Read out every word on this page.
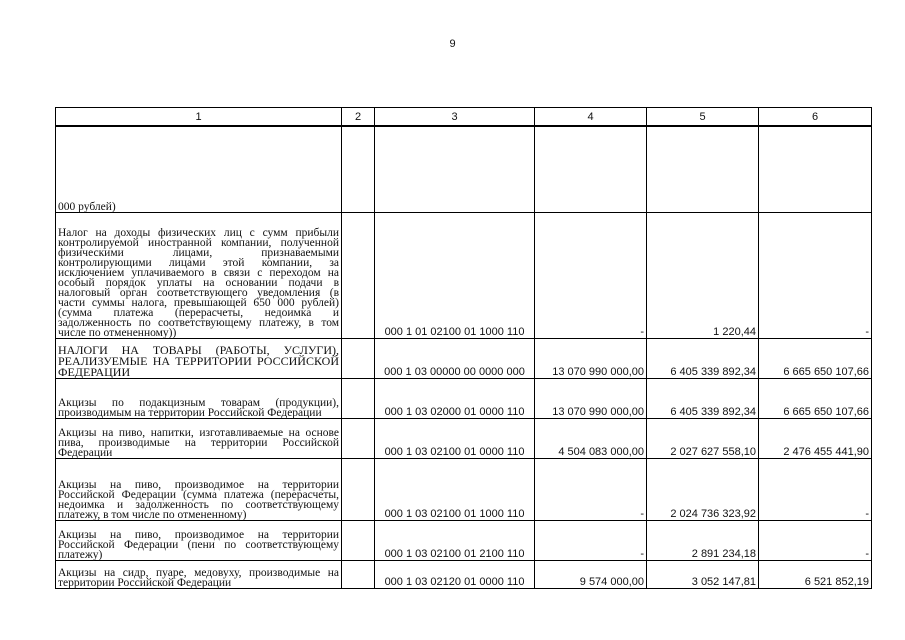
9
1	2	3	4	5	6
000 рублей)					
Налог на доходы физических лиц с сумм прибыли контролируемой иностранной компании, полученной физическими лицами, признаваемыми контролирующими лицами этой компании, за исключением уплачиваемого в связи с переходом на особый порядок уплаты на основании подачи в налоговый орган соответствующего уведомления (в части суммы налога, превышающей 650 000 рублей) (сумма платежа (перерасчеты, недоимка и задолженность по соответствующему платежу, в том числе по отмененному))		000 1 01 02100 01 1000 110	-	1 220,44	-
НАЛОГИ НА ТОВАРЫ (РАБОТЫ, УСЛУГИ), РЕАЛИЗУЕМЫЕ НА ТЕРРИТОРИИ РОССИЙСКОЙ ФЕДЕРАЦИИ		000 1 03 00000 00 0000 000	13 070 990 000,00	6 405 339 892,34	6 665 650 107,66
Акцизы по подакцизным товарам (продукции), производимым на территории Российской Федерации		000 1 03 02000 01 0000 110	13 070 990 000,00	6 405 339 892,34	6 665 650 107,66
Акцизы на пиво, напитки, изготавливаемые на основе пива, производимые на территории Российской Федерации		000 1 03 02100 01 0000 110	4 504 083 000,00	2 027 627 558,10	2 476 455 441,90
Акцизы на пиво, производимое на территории Российской Федерации (сумма платежа (перерасчеты, недоимка и задолженность по соответствующему платежу, в том числе по отмененному)		000 1 03 02100 01 1000 110	-	2 024 736 323,92	-
Акцизы на пиво, производимое на территории Российской Федерации (пени по соответствующему платежу)		000 1 03 02100 01 2100 110	-	2 891 234,18	-
Акцизы на сидр, пуаре, медовуху, производимые на территории Российской Федерации		000 1 03 02120 01 0000 110	9 574 000,00	3 052 147,81	6 521 852,19
